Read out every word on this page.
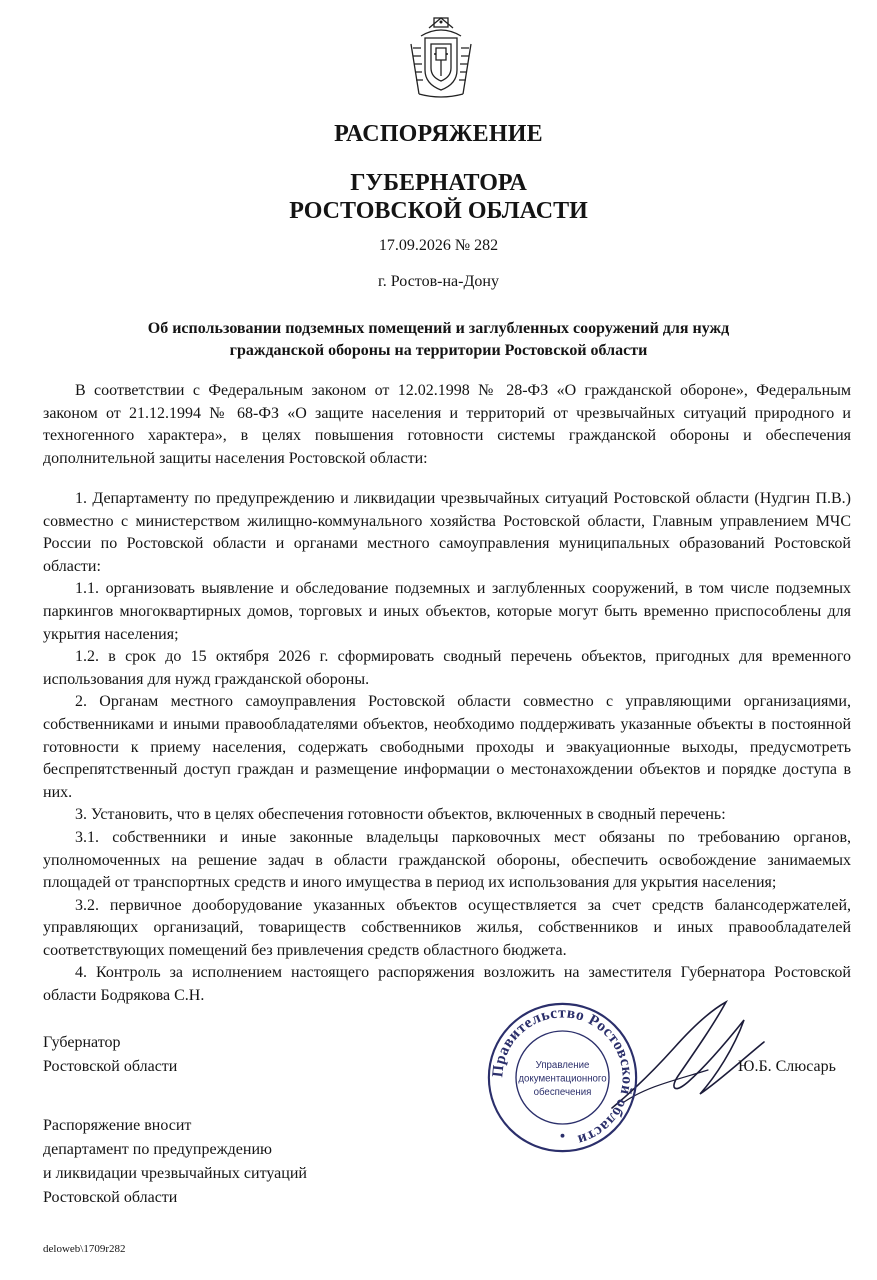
РАСПОРЯЖЕНИЕ
ГУБЕРНАТОРА
РОСТОВСКОЙ ОБЛАСТИ
17.09.2026 № 282
г. Ростов-на-Дону
Об использовании подземных помещений и заглубленных сооружений для нужд
гражданской обороны на территории Ростовской области

В соответствии с Федеральным законом от 12.02.1998 № 28-ФЗ «О гражданской обороне», Федеральным законом от 21.12.1994 № 68-ФЗ «О защите населения и территорий от чрезвычайных ситуаций природного и техногенного характера», в целях повышения готовности системы гражданской обороны и обеспечения дополнительной защиты населения Ростовской области:

1. Департаменту по предупреждению и ликвидации чрезвычайных ситуаций Ростовской области (Нудгин П.В.) совместно с министерством жилищно-коммунального хозяйства Ростовской области, Главным управлением МЧС России по Ростовской области и органами местного самоуправления муниципальных образований Ростовской области:

1.1. организовать выявление и обследование подземных и заглубленных сооружений, в том числе подземных паркингов многоквартирных домов, торговых и иных объектов, которые могут быть временно приспособлены для укрытия населения;

1.2. в срок до 15 октября 2026 г. сформировать сводный перечень объектов, пригодных для временного использования для нужд гражданской обороны.

2. Органам местного самоуправления Ростовской области совместно с управляющими организациями, собственниками и иными правообладателями объектов, необходимо поддерживать указанные объекты в постоянной готовности к приему населения, содержать свободными проходы и эвакуационные выходы, предусмотреть беспрепятственный доступ граждан и размещение информации о местонахождении объектов и порядке доступа в них.

3. Установить, что в целях обеспечения готовности объектов, включенных в сводный перечень:

3.1. собственники и иные законные владельцы парковочных мест обязаны по требованию органов, уполномоченных на решение задач в области гражданской обороны, обеспечить освобождение занимаемых площадей от транспортных средств и иного имущества в период их использования для укрытия населения;

3.2. первичное дооборудование указанных объектов осуществляется за счет средств балансодержателей, управляющих организаций, товариществ собственников жилья, собственников и иных правообладателей соответствующих помещений без привлечения средств областного бюджета.

4. Контроль за исполнением настоящего распоряжения возложить на заместителя Губернатора Ростовской области Бодрякова С.Н.

Губернатор
Ростовской области	Правительство Ростовской области
Управление
документационного
обеспечения
Ю.Б. Слюсарь
Распоряжение вносит
департамент по предупреждению
и ликвидации чрезвычайных ситуаций
Ростовской области
deloweb\1709r282
